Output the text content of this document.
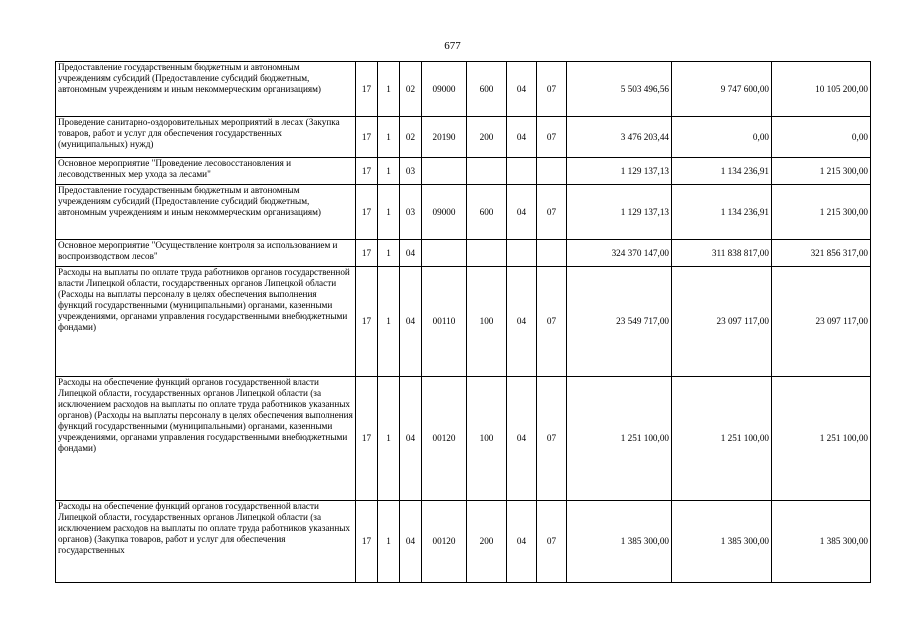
677
Предоставление государственным бюджетным и автономным учреждениям субсидий (Предоставление субсидий бюджетным, автономным учреждениям и иным некоммерческим организациям)	17	1	02	09000	600	04	07	5 503 496,56	9 747 600,00	10 105 200,00
Проведение санитарно-оздоровительных мероприятий в лесах (Закупка товаров, работ и услуг для обеспечения государственных (муниципальных) нужд)	17	1	02	20190	200	04	07	3 476 203,44	0,00	0,00
Основное мероприятие "Проведение лесовосстановления и лесоводственных мер ухода за лесами"	17	1	03					1 129 137,13	1 134 236,91	1 215 300,00
Предоставление государственным бюджетным и автономным учреждениям субсидий (Предоставление субсидий бюджетным, автономным учреждениям и иным некоммерческим организациям)	17	1	03	09000	600	04	07	1 129 137,13	1 134 236,91	1 215 300,00
Основное мероприятие "Осуществление контроля за использованием и воспроизводством лесов"	17	1	04					324 370 147,00	311 838 817,00	321 856 317,00
Расходы на выплаты по оплате труда работников органов государственной власти Липецкой области, государственных органов Липецкой области (Расходы на выплаты персоналу в целях обеспечения выполнения функций государственными (муниципальными) органами, казенными учреждениями, органами управления государственными внебюджетными фондами)	17	1	04	00110	100	04	07	23 549 717,00	23 097 117,00	23 097 117,00
Расходы на обеспечение функций органов государственной власти Липецкой области, государственных органов Липецкой области (за исключением расходов на выплаты по оплате труда работников указанных органов) (Расходы на выплаты персоналу в целях обеспечения выполнения функций государственными (муниципальными) органами, казенными учреждениями, органами управления государственными внебюджетными фондами)	17	1	04	00120	100	04	07	1 251 100,00	1 251 100,00	1 251 100,00
Расходы на обеспечение функций органов государственной власти Липецкой области, государственных органов Липецкой области (за исключением расходов на выплаты по оплате труда работников указанных органов) (Закупка товаров, работ и услуг для обеспечения государственных	17	1	04	00120	200	04	07	1 385 300,00	1 385 300,00	1 385 300,00
